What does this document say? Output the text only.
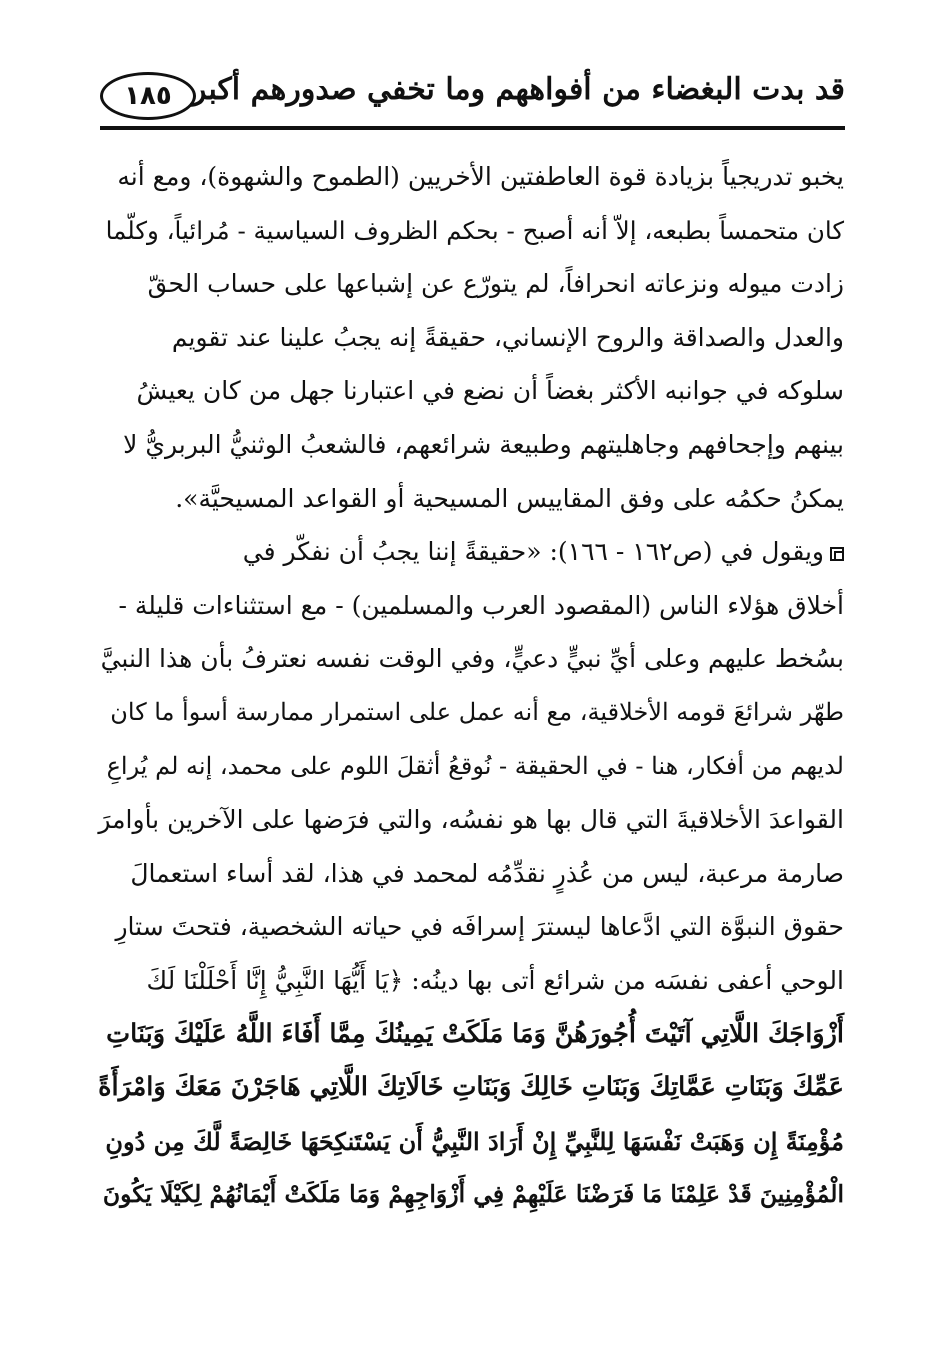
١٨٥ قد بدت البغضاء من أفواههم وما تخفي صدورهم أكبر
يخبو تدريجياً بزيادة قوة العاطفتين الأخريين (الطموح والشهوة)، ومع أنه
كان متحمساً بطبعه، إلاّ أنه أصبح - بحكم الظروف السياسية - مُرائياً، وكلّما
زادت ميوله ونزعاته انحرافاً، لم يتورّع عن إشباعها على حساب الحقّ
والعدل والصداقة والروح الإنساني، حقيقةً إنه يجبُ علينا عند تقويم
سلوكه في جوانبه الأكثر بغضاً أن نضع في اعتبارنا جهل من كان يعيشُ
بينهم وإجحافهم وجاهليتهم وطبيعة شرائعهم، فالشعبُ الوثنيُّ البربريُّ لا
يمكنُ حكمُه على وفق المقاييس المسيحية أو القواعد المسيحيَّة».
ويقول في (ص١٦٢ - ١٦٦): «حقيقةً إننا يجبُ أن نفكّر في
أخلاق هؤلاء الناس (المقصود العرب والمسلمين) - مع استثناءات قليلة -
بسُخط عليهم وعلى أيِّ نبيٍّ دعيٍّ، وفي الوقت نفسه نعترفُ بأن هذا النبيَّ
طهّر شرائعَ قومه الأخلاقية، مع أنه عمل على استمرار ممارسة أسوأ ما كان
لديهم من أفكار، هنا - في الحقيقة - نُوقعُ أثقلَ اللوم على محمد، إنه لم يُراعِ
القواعدَ الأخلاقيةَ التي قال بها هو نفسُه، والتي فرَضها على الآخرين بأوامرَ
صارمة مرعبة، ليس من عُذرٍ نقدِّمُه لمحمد في هذا، لقد أساء استعمالَ
حقوق النبوَّة التي ادَّعاها ليسترَ إسرافَه في حياته الشخصية، فتحتَ ستارِ
الوحي أعفى نفسَه من شرائع أتى بها دينُه: ﴿يَا أَيُّهَا النَّبِيُّ إِنَّا أَحْلَلْنَا لَكَ
أَزْوَاجَكَ اللَّاتِي آتَيْتَ أُجُورَهُنَّ وَمَا مَلَكَتْ يَمِينُكَ مِمَّا أَفَاءَ اللَّهُ عَلَيْكَ وَبَنَاتِ
عَمِّكَ وَبَنَاتِ عَمَّاتِكَ وَبَنَاتِ خَالِكَ وَبَنَاتِ خَالَاتِكَ اللَّاتِي هَاجَرْنَ مَعَكَ وَامْرَأَةً
مُؤْمِنَةً إِن وَهَبَتْ نَفْسَهَا لِلنَّبِيِّ إِنْ أَرَادَ النَّبِيُّ أَن يَسْتَنكِحَهَا خَالِصَةً لَّكَ مِن دُونِ
الْمُؤْمِنِينَ قَدْ عَلِمْنَا مَا فَرَضْنَا عَلَيْهِمْ فِي أَزْوَاجِهِمْ وَمَا مَلَكَتْ أَيْمَانُهُمْ لِكَيْلَا يَكُونَ
